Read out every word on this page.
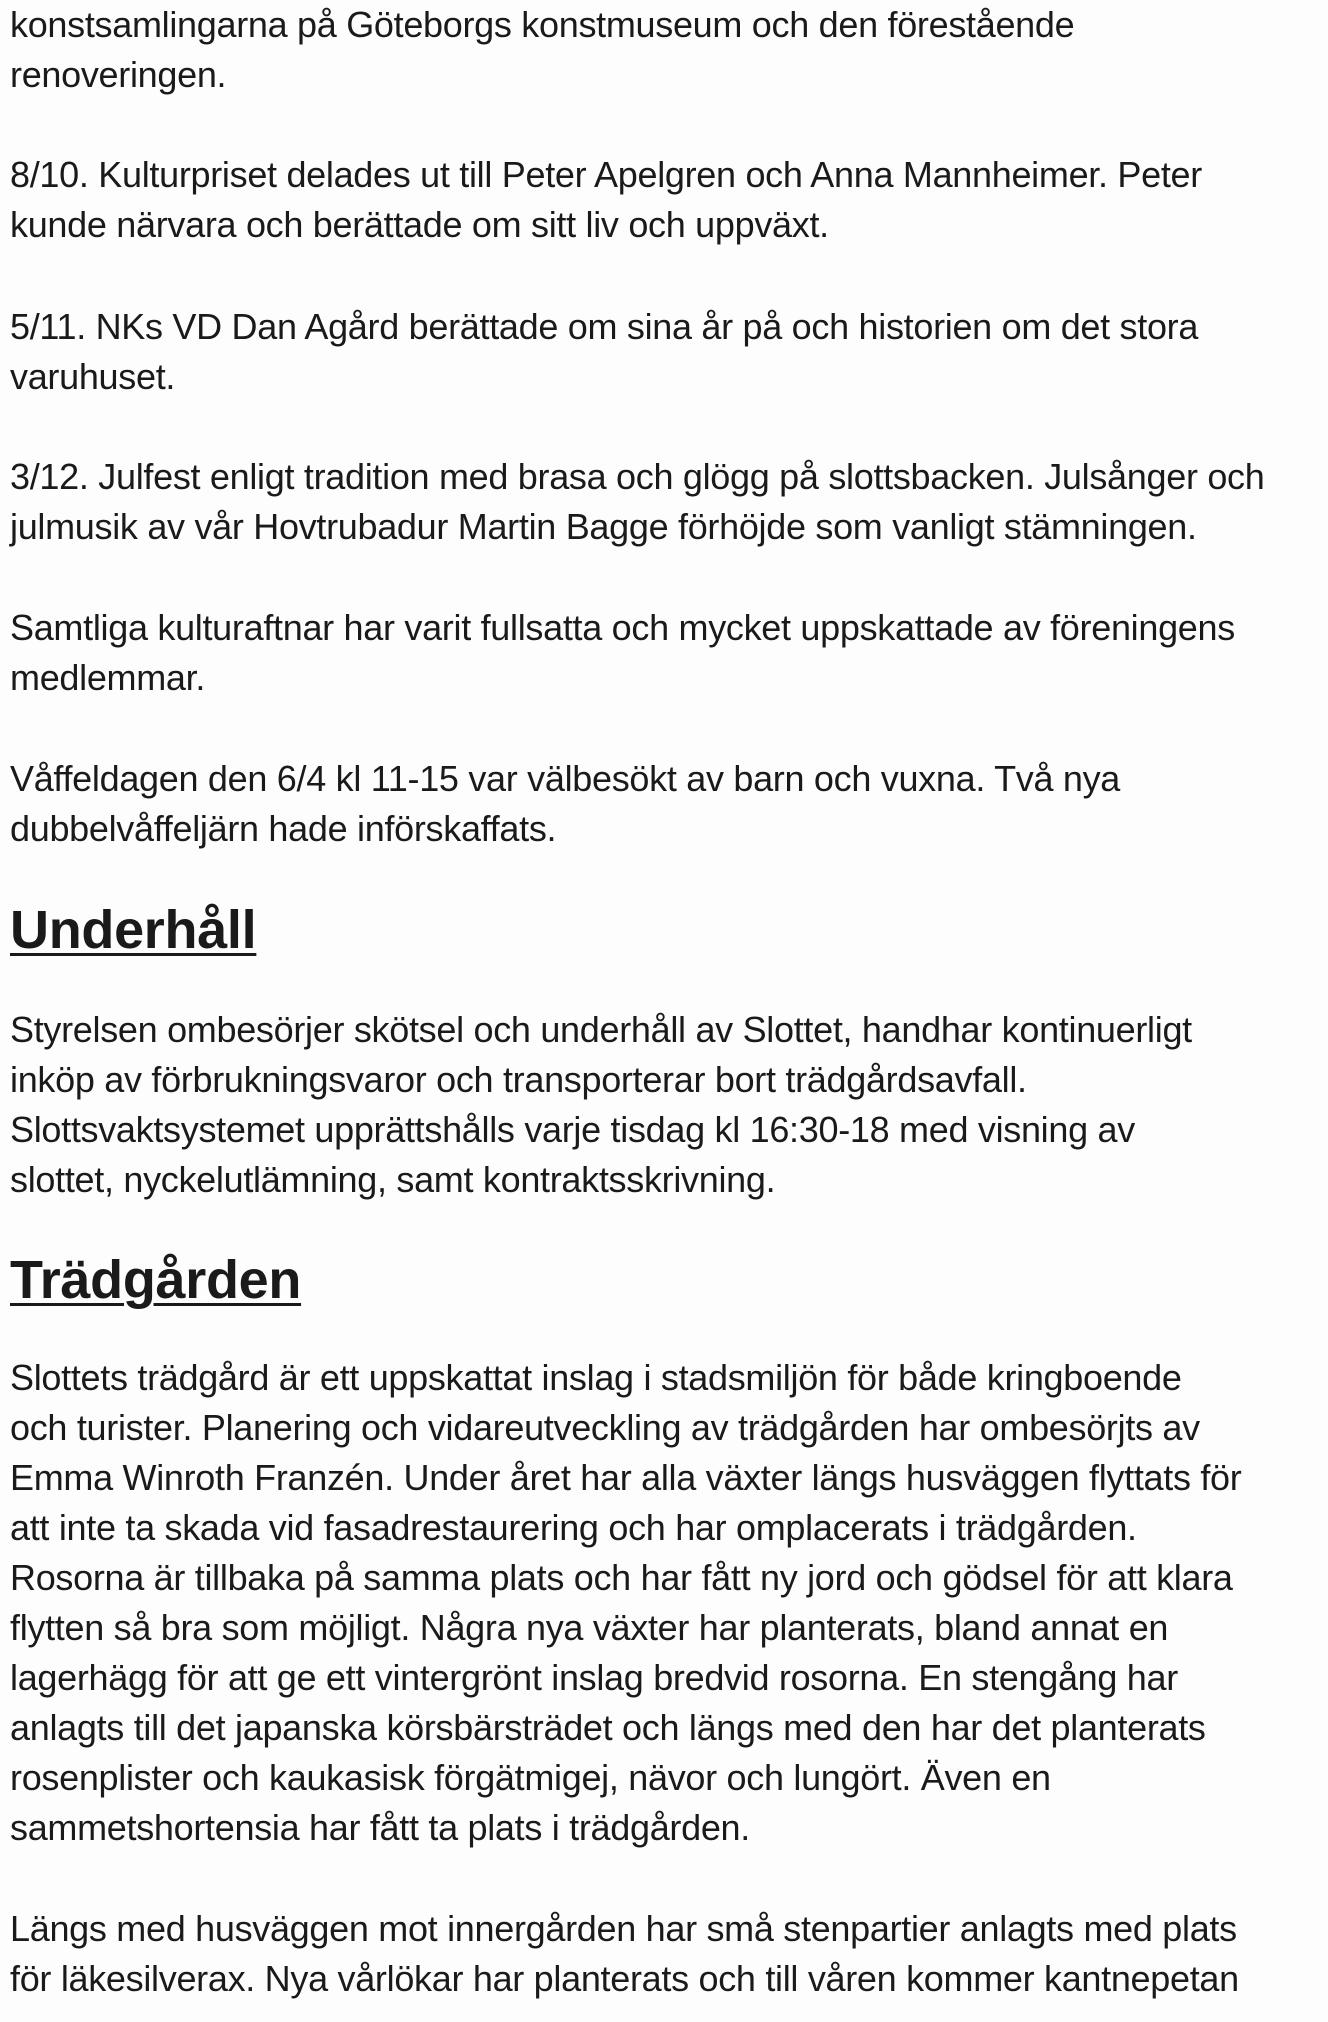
konstsamlingarna på Göteborgs konstmuseum och den förestående
renoveringen.

8/10. Kulturpriset delades ut till Peter Apelgren och Anna Mannheimer. Peter
kunde närvara och berättade om sitt liv och uppväxt.

5/11. NKs VD Dan Agård berättade om sina år på och historien om det stora
varuhuset.

3/12. Julfest enligt tradition med brasa och glögg på slottsbacken. Julsånger och
julmusik av vår Hovtrubadur Martin Bagge förhöjde som vanligt stämningen.

Samtliga kulturaftnar har varit fullsatta och mycket uppskattade av föreningens
medlemmar.

Våffeldagen den 6/4 kl 11-15 var välbesökt av barn och vuxna. Två nya
dubbelvåffeljärn hade införskaffats.

Underhåll

Styrelsen ombesörjer skötsel och underhåll av Slottet, handhar kontinuerligt
inköp av förbrukningsvaror och transporterar bort trädgårdsavfall.
Slottsvaktsystemet upprättshålls varje tisdag kl 16:30-18 med visning av
slottet, nyckelutlämning, samt kontraktsskrivning.

Trädgården

Slottets trädgård är ett uppskattat inslag i stadsmiljön för både kringboende
och turister. Planering och vidareutveckling av trädgården har ombesörjts av
Emma Winroth Franzén. Under året har alla växter längs husväggen flyttats för
att inte ta skada vid fasadrestaurering och har omplacerats i trädgården.
Rosorna är tillbaka på samma plats och har fått ny jord och gödsel för att klara
flytten så bra som möjligt. Några nya växter har planterats, bland annat en
lagerhägg för att ge ett vintergrönt inslag bredvid rosorna. En stengång har
anlagts till det japanska körsbärsträdet och längs med den har det planterats
rosenplister och kaukasisk förgätmigej, nävor och lungört. Även en
sammetshortensia har fått ta plats i trädgården.

Längs med husväggen mot innergården har små stenpartier anlagts med plats
för läkesilverax. Nya vårlökar har planterats och till våren kommer kantnepetan
